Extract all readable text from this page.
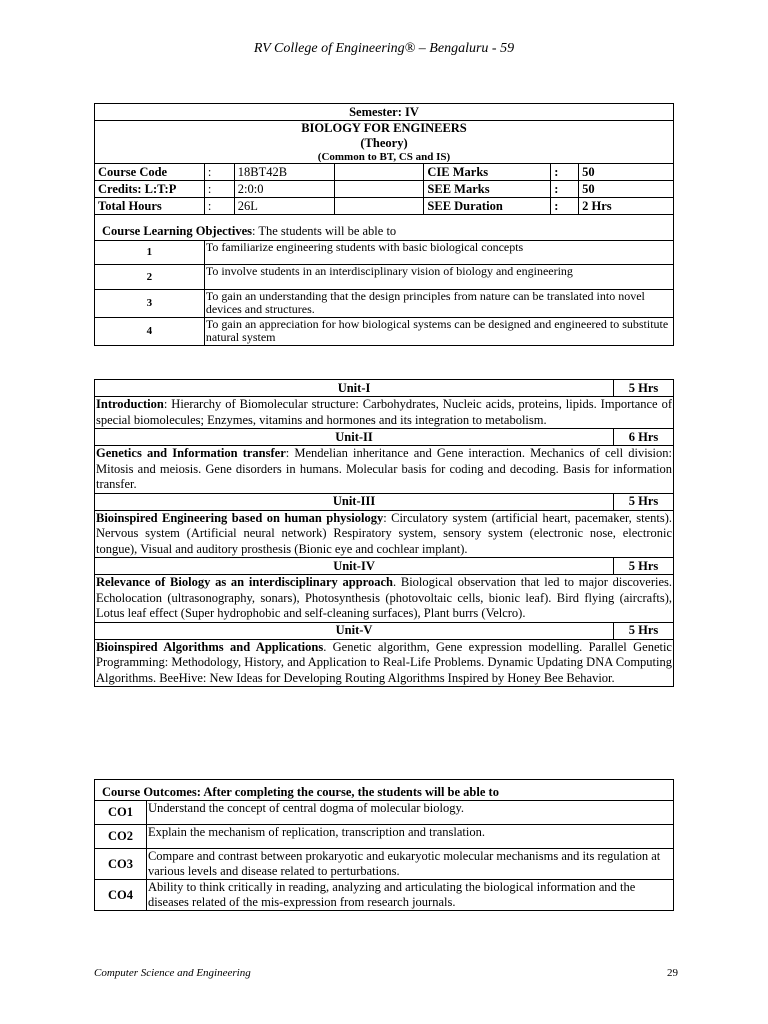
RV College of Engineering® – Bengaluru - 59
Semester: IV						
BIOLOGY FOR ENGINEERS						
(Theory)						
(Common to BT, CS and IS)						
Course Code	:	18BT42B		CIE Marks	:	50
Credits: L:T:P	:	2:0:0		SEE Marks	:	50
Total Hours	:	26L		SEE Duration	:	2 Hrs
Course Learning Objectives: The students will be able to						
1	To familiarize engineering students with basic biological concepts					
2	To involve students in an interdisciplinary vision of biology and engineering					
3	To gain an understanding that the design principles from nature can be translated into novel devices and structures.					
4	To gain an appreciation for how biological systems can be designed and engineered to substitute natural system					
Unit-I	5 Hrs
Introduction: Hierarchy of Biomolecular structure: Carbohydrates, Nucleic acids, proteins, lipids. Importance of special biomolecules; Enzymes, vitamins and hormones and its integration to metabolism.	
Unit-II	6 Hrs
Genetics and Information transfer: Mendelian inheritance and Gene interaction. Mechanics of cell division: Mitosis and meiosis. Gene disorders in humans. Molecular basis for coding and decoding. Basis for information transfer.	
Unit-III	5 Hrs
Bioinspired Engineering based on human physiology: Circulatory system (artificial heart, pacemaker, stents). Nervous system (Artificial neural network) Respiratory system, sensory system (electronic nose, electronic tongue), Visual and auditory prosthesis (Bionic eye and cochlear implant).	
Unit-IV	5 Hrs
Relevance of Biology as an interdisciplinary approach. Biological observation that led to major discoveries. Echolocation (ultrasonography, sonars), Photosynthesis (photovoltaic cells, bionic leaf). Bird flying (aircrafts), Lotus leaf effect (Super hydrophobic and self-cleaning surfaces), Plant burrs (Velcro).	
Unit-V	5 Hrs
Bioinspired Algorithms and Applications. Genetic algorithm, Gene expression modelling. Parallel Genetic Programming: Methodology, History, and Application to Real-Life Problems. Dynamic Updating DNA Computing Algorithms. BeeHive: New Ideas for Developing Routing Algorithms Inspired by Honey Bee Behavior.	
Course Outcomes: After completing the course, the students will be able to	
CO1	Understand the concept of central dogma of molecular biology.
CO2	Explain the mechanism of replication, transcription and translation.
CO3	Compare and contrast between prokaryotic and eukaryotic molecular mechanisms and its regulation at various levels and disease related to perturbations.
CO4	Ability to think critically in reading, analyzing and articulating the biological information and the diseases related of the mis-expression from research journals.
Computer Science and Engineering	29
